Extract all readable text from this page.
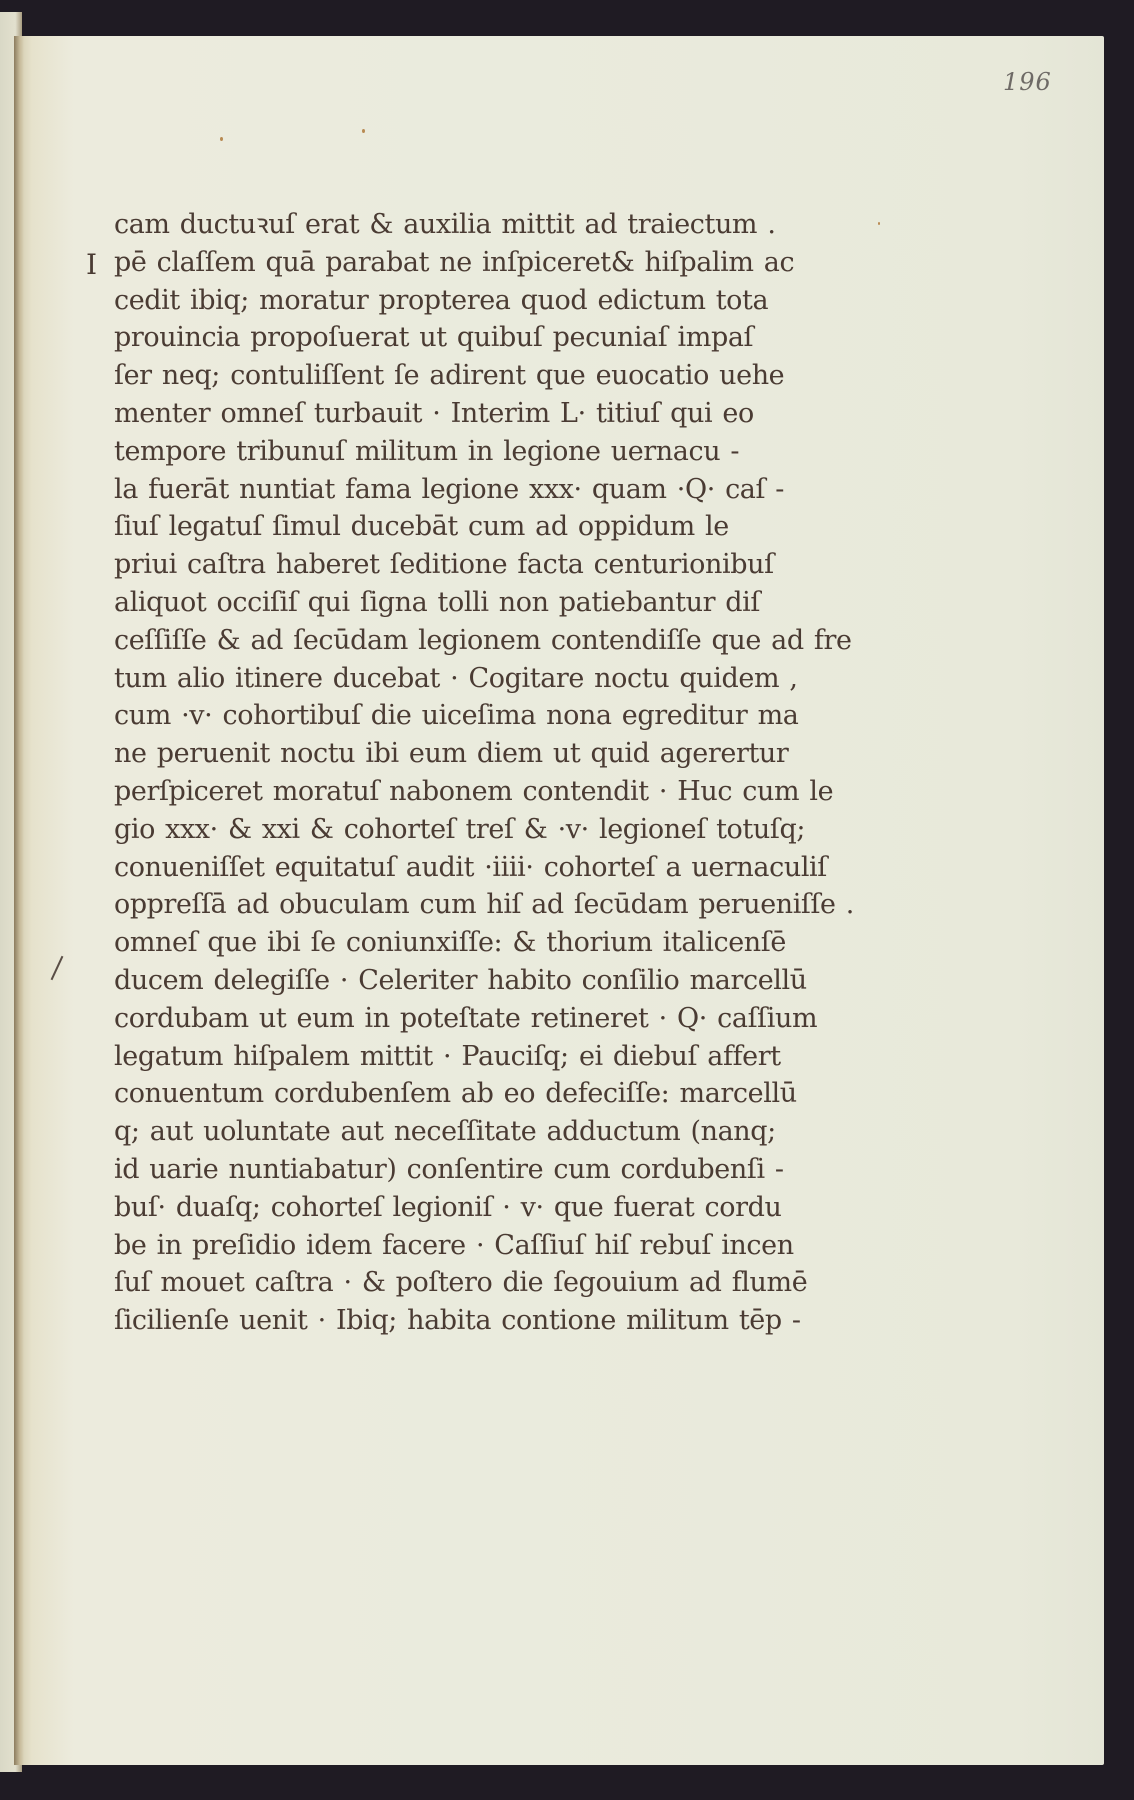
196
I
cam ductuꝛuſ erat & auxilia mittit ad traiectum .
pē claſſem quā parabat ne inſpiceret& hiſpalim ac
cedit ibiq; moratur propterea quod edictum tota
prouincia propoſuerat ut quibuſ pecuniaſ impaſ
ſer neq; contuliſſent ſe adirent que euocatio uehe
menter omneſ turbauit · Interim L· titiuſ qui eo
tempore tribunuſ militum in legione uernacu -
la fuerāt nuntiat fama legione xxx· quam ·Q· caſ -
ſiuſ legatuſ ſimul ducebāt cum ad oppidum le
priui caſtra haberet ſeditione facta centurionibuſ
aliquot occiſiſ qui ſigna tolli non patiebantur diſ
ceſſiſſe & ad ſecūdam legionem contendiſſe que ad fre
tum alio itinere ducebat · Cogitare noctu quidem ,
cum ·v· cohortibuſ die uiceſima nona egreditur ma
ne peruenit noctu ibi eum diem ut quid agerertur
perſpiceret moratuſ nabonem contendit · Huc cum le
gio xxx· & xxi & cohorteſ treſ & ·v· legioneſ totuſq;
conueniſſet equitatuſ audit ·iiii· cohorteſ a uernaculiſ
oppreſſā ad obuculam cum hiſ ad ſecūdam perueniſſe .
omneſ que ibi ſe coniunxiſſe: & thorium italicenſē
ducem delegiſſe · Celeriter habito conſilio marcellū
cordubam ut eum in poteſtate retineret · Q· caſſium
legatum hiſpalem mittit · Pauciſq; ei diebuſ affert
conuentum cordubenſem ab eo defeciſſe: marcellū
q; aut uoluntate aut neceſſitate adductum (nanq;
id uarie nuntiabatur) conſentire cum cordubenſi -
buſ· duaſq; cohorteſ legioniſ · v· que fuerat cordu
be in preſidio idem facere · Caſſiuſ hiſ rebuſ incen
ſuſ mouet caſtra · & poſtero die ſegouium ad flumē
ſicilienſe uenit · Ibiq; habita contione militum tēp -
